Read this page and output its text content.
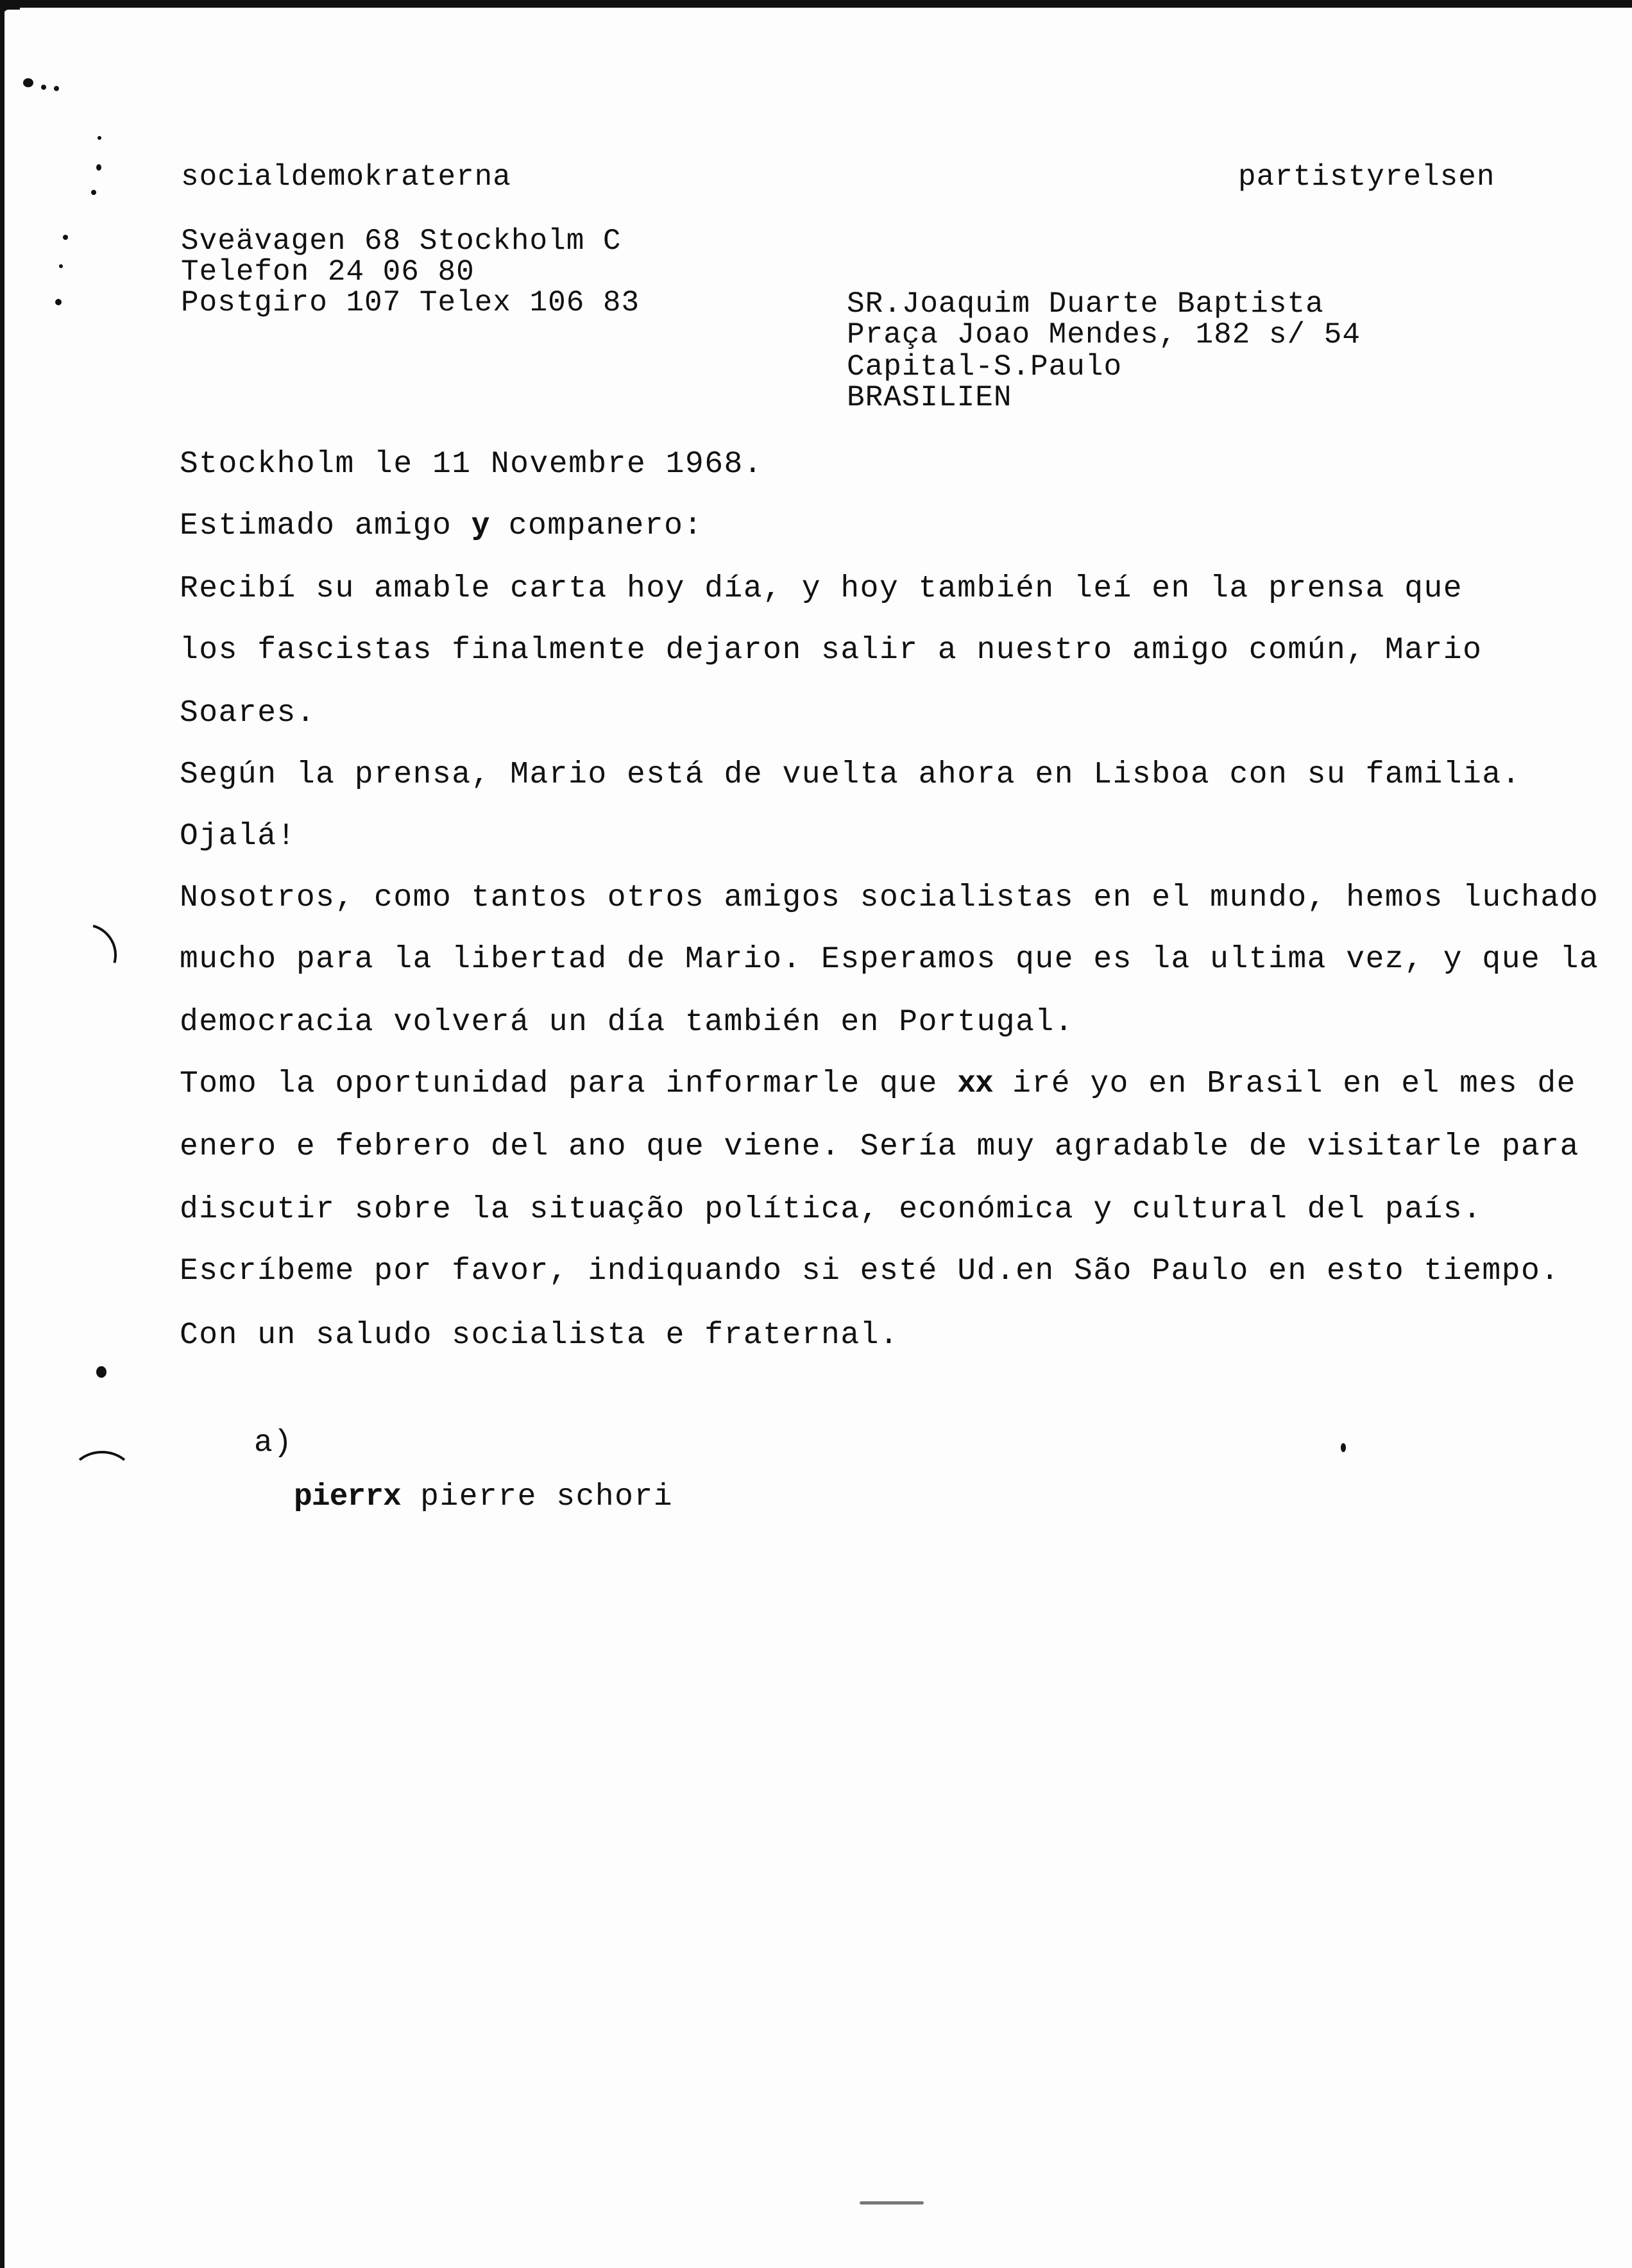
socialdemokraterna	partistyrelsen
Sveävagen 68 Stockholm C
Telefon 24 06 80
Postgiro 107 Telex 106 83	SR.Joaquim Duarte Baptista
Praça Joao Mendes, 182 s/ 54
Capital-S.Paulo
BRASILIEN
Stockholm le 11 Novembre 1968.
Estimado amigo y companero:
Recibí su amable carta hoy día, y hoy también leí en la prensa que
los fascistas finalmente dejaron salir a nuestro amigo común, Mario
Soares.
Según la prensa, Mario está de vuelta ahora en Lisboa con su familia.
Ojalá!
Nosotros, como tantos otros amigos socialistas en el mundo, hemos luchado
mucho para la libertad de Mario. Esperamos que es la ultima vez, y que la
democracia volverá un día también en Portugal.
Tomo la oportunidad para informarle que xx iré yo en Brasil en el mes de
enero e febrero del ano que viene. Sería muy agradable de visitarle para
discutir sobre la situação política, económica y cultural del país.
Escríbeme por favor, indiquando si esté Ud.en São Paulo en esto tiempo.
Con un saludo socialista e fraternal.
a)
pierrx pierre schori
